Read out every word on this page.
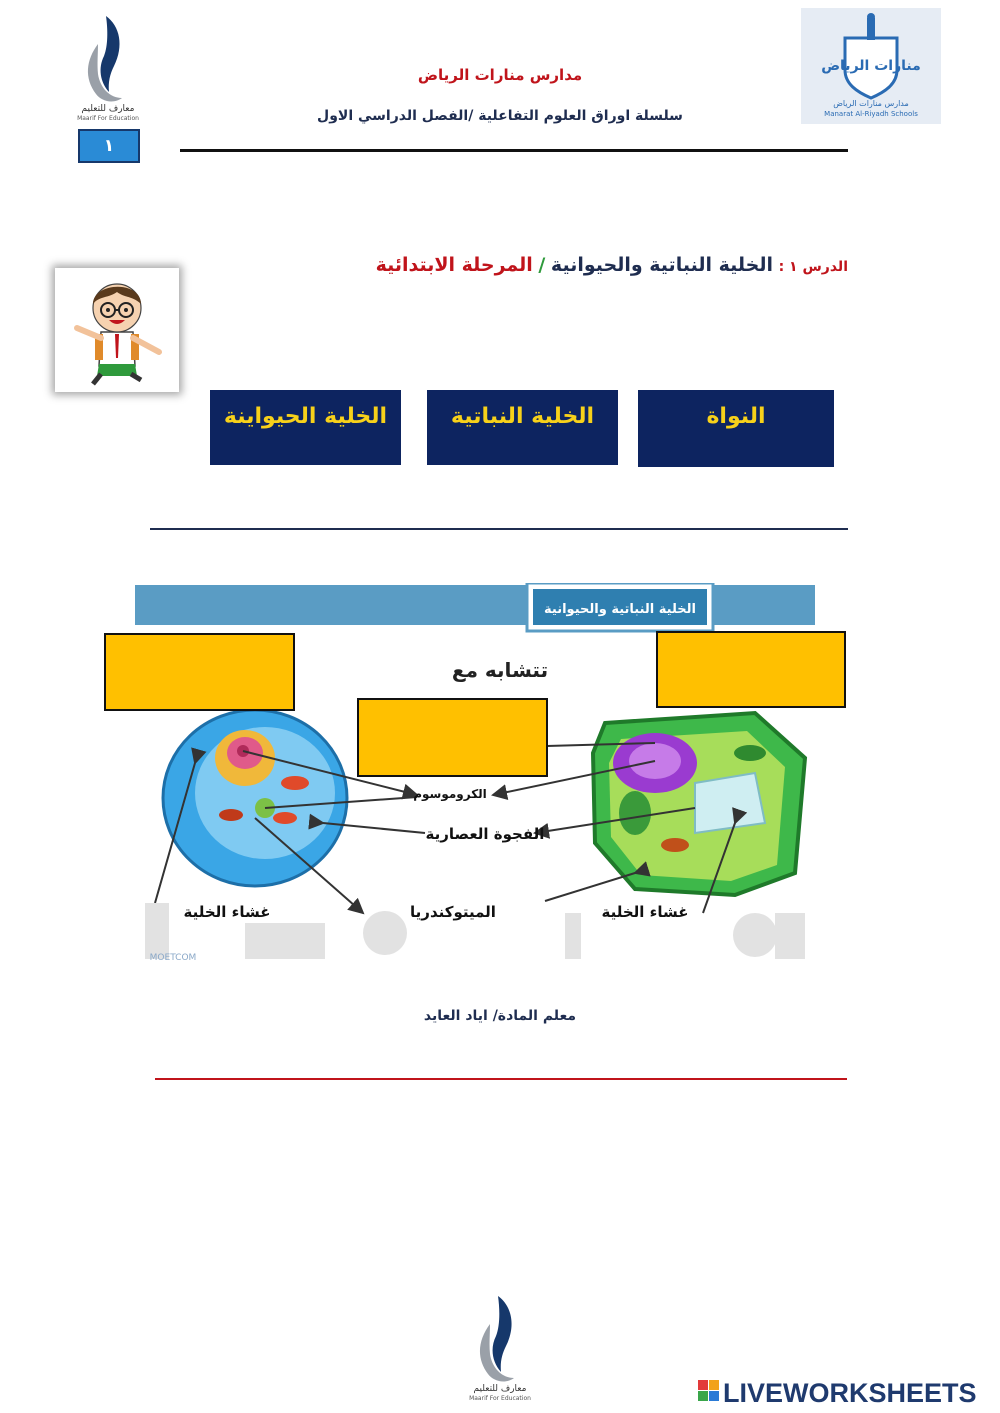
معارف للتعليم
Maarif For Education
منارات الرياض
مدارس منارات الرياض
Manarat Al-Riyadh Schools
مدارس منارات الرياض
سلسلة اوراق العلوم التفاعلية /الفصل الدراسي الاول
١
الدرس ١ : الخلية النباتية والحيوانية / المرحلة الابتدائية
النواة
الخلية النباتية
الخلية الحيواينة
الخلية النباتية والحيوانية
تتشابه مع
الكروموسوم
الفجوة العصارية
الميتوكندريا
غشاء الخلية	غشاء الخلية
MOETCOM
معلم المادة/ اياد العايد
معارف للتعليم
Maarif For Education	LIVEWORKSHEETS
